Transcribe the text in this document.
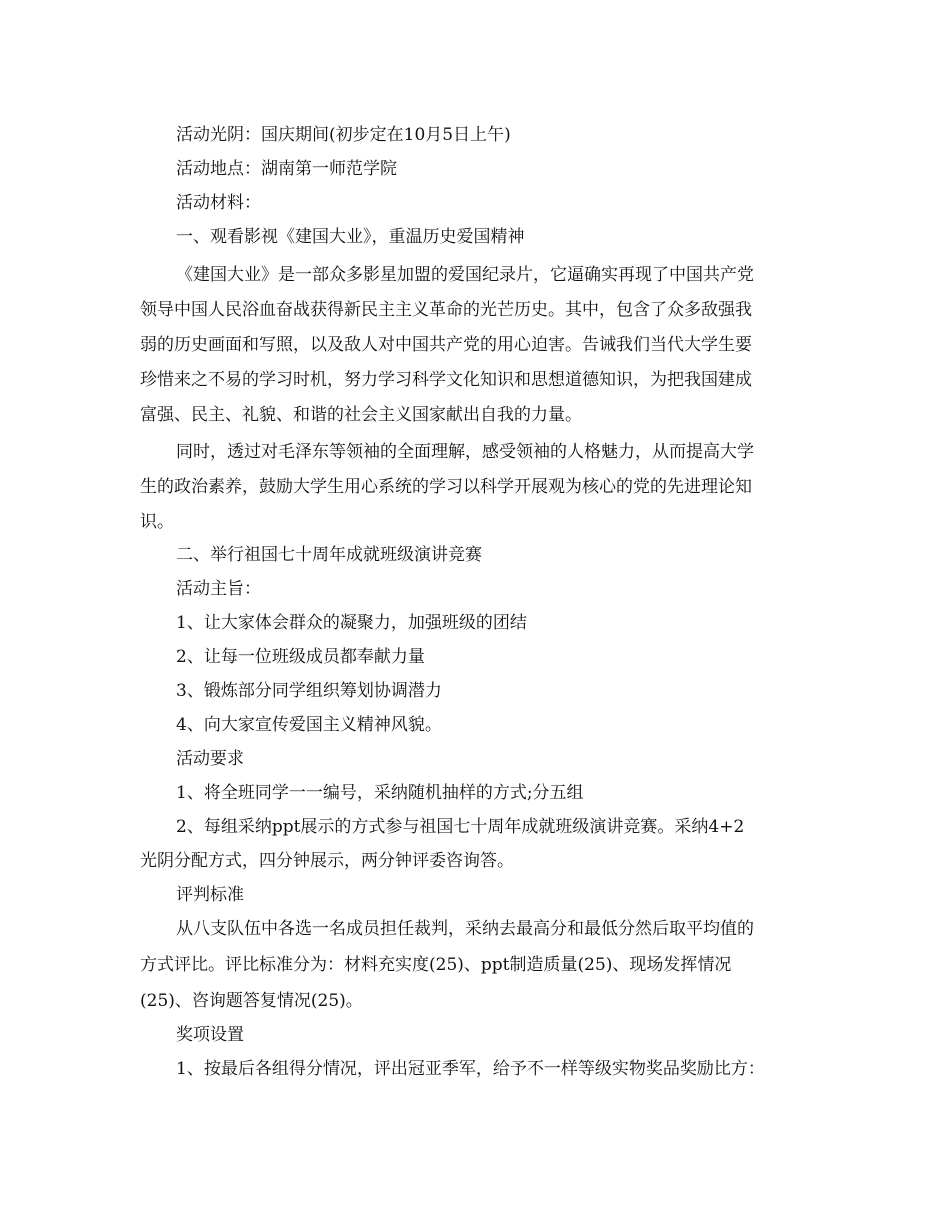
活动光阴：国庆期间(初步定在10月5日上午)
活动地点：湖南第一师范学院
活动材料：
一、观看影视《建国大业》，重温历史爱国精神
《建国大业》是一部众多影星加盟的爱国纪录片，它逼确实再现了中国共产党
领导中国人民浴血奋战获得新民主主义革命的光芒历史。其中，包含了众多敌强我
弱的历史画面和写照，以及敌人对中国共产党的用心迫害。告诫我们当代大学生要
珍惜来之不易的学习时机，努力学习科学文化知识和思想道德知识，为把我国建成
富强、民主、礼貌、和谐的社会主义国家献出自我的力量。
同时，透过对毛泽东等领袖的全面理解，感受领袖的人格魅力，从而提高大学
生的政治素养，鼓励大学生用心系统的学习以科学开展观为核心的党的先进理论知
识。
二、举行祖国七十周年成就班级演讲竞赛
活动主旨：
1、让大家体会群众的凝聚力，加强班级的团结
2、让每一位班级成员都奉献力量
3、锻炼部分同学组织筹划协调潜力
4、向大家宣传爱国主义精神风貌。
活动要求
1、将全班同学一一编号，采纳随机抽样的方式;分五组
2、每组采纳ppt展示的方式参与祖国七十周年成就班级演讲竞赛。采纳4+2
光阴分配方式，四分钟展示，两分钟评委咨询答。
评判标准
从八支队伍中各选一名成员担任裁判，采纳去最高分和最低分然后取平均值的
方式评比。评比标准分为：材料充实度(25)、ppt制造质量(25)、现场发挥情况
(25)、咨询题答复情况(25)。
奖项设置
1、按最后各组得分情况，评出冠亚季军，给予不一样等级实物奖品奖励比方：
